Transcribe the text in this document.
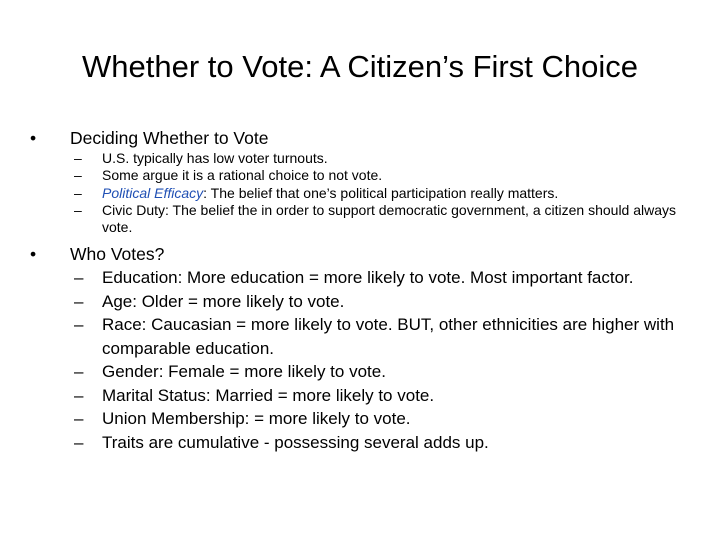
Whether to Vote: A Citizen’s First Choice
•	Deciding Whether to Vote
– U.S. typically has low voter turnouts.
– Some argue it is a rational choice to not vote.
– Political Efficacy: The belief that one’s political participation really matters.
– Civic Duty: The belief the in order to support democratic government, a citizen should always vote.
•	Who Votes?
– Education: More education = more likely to vote. Most important factor.
– Age: Older = more likely to vote.
– Race: Caucasian = more likely to vote. BUT, other ethnicities are higher with comparable education.
– Gender: Female = more likely to vote.
– Marital Status: Married = more likely to vote.
– Union Membership: = more likely to vote.
– Traits are cumulative - possessing several adds up.
